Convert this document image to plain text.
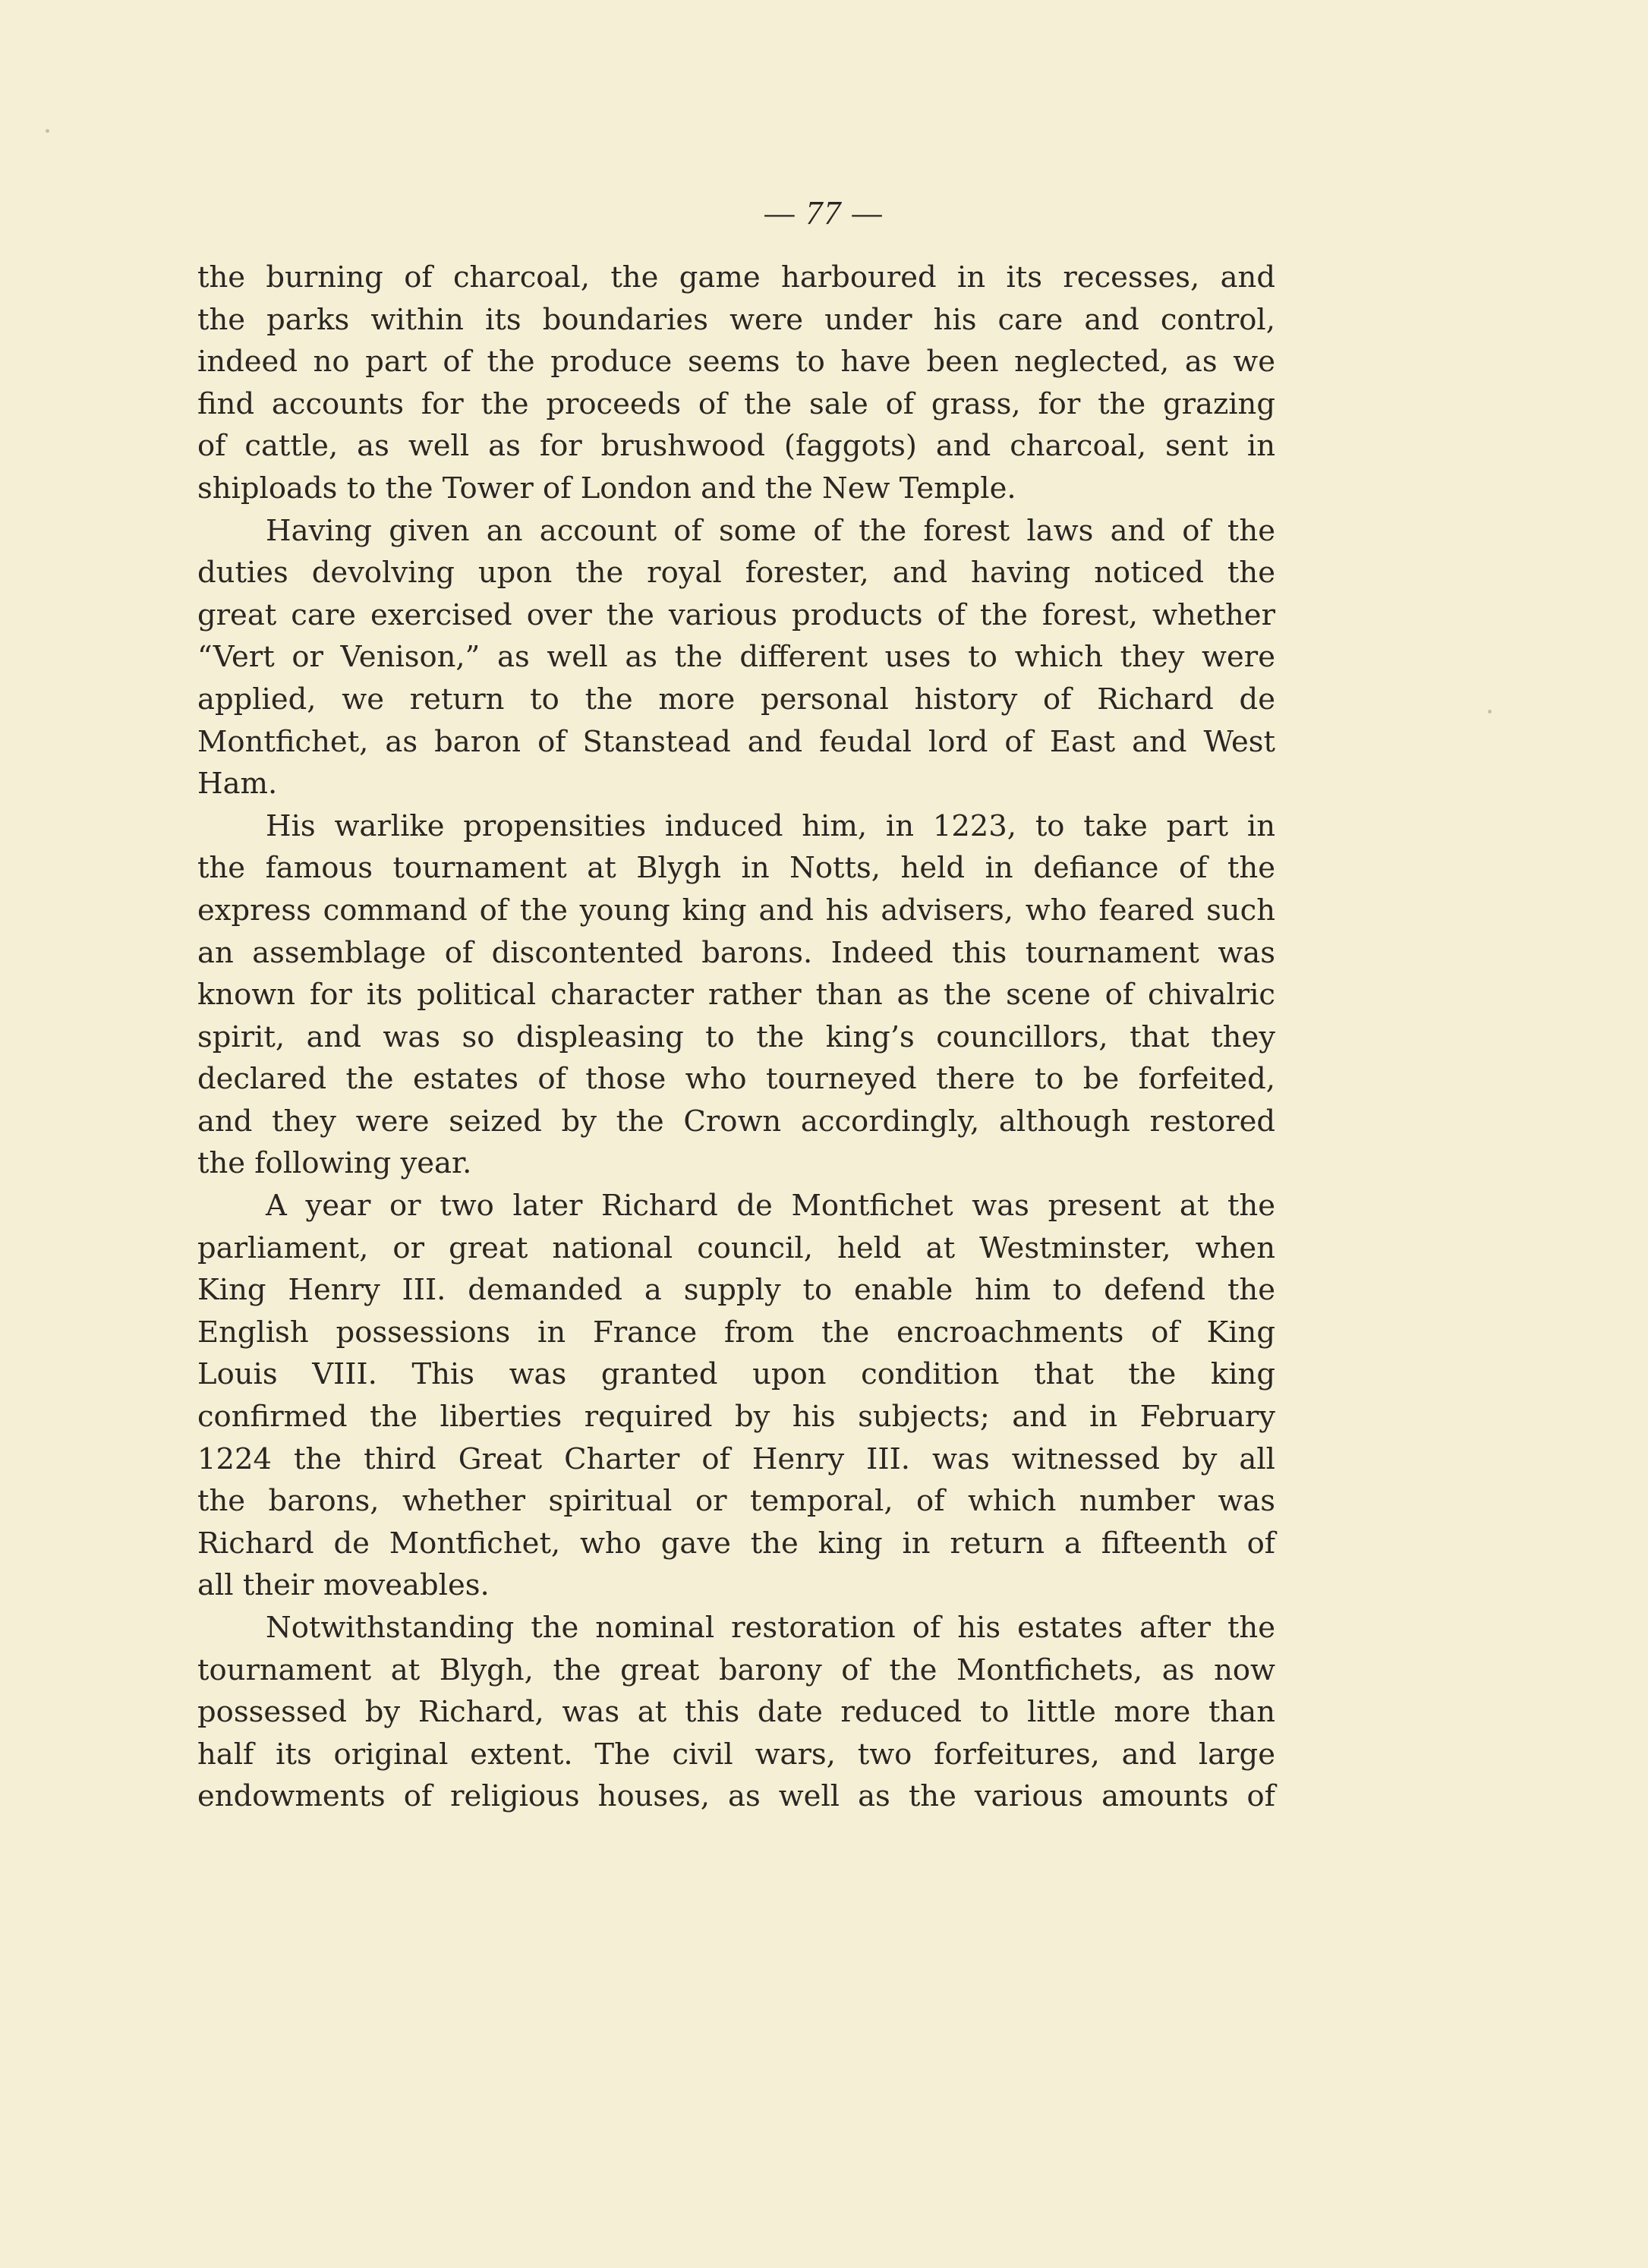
— 77 —
the burning of charcoal, the game harboured in its recesses, and
the parks within its boundaries were under his care and control,
indeed no part of the produce seems to have been neglected, as we
find accounts for the proceeds of the sale of grass, for the grazing
of cattle, as well as for brushwood (faggots) and charcoal, sent in
shiploads to the Tower of London and the New Temple.
Having given an account of some of the forest laws and of the
duties devolving upon the royal forester, and having noticed the
great care exercised over the various products of the forest, whether
“Vert or Venison,” as well as the different uses to which they were
applied, we return to the more personal history of Richard de
Montfichet, as baron of Stanstead and feudal lord of East and West
Ham.
His warlike propensities induced him, in 1223, to take part in
the famous tournament at Blygh in Notts, held in defiance of the
express command of the young king and his advisers, who feared such
an assemblage of discontented barons. Indeed this tournament was
known for its political character rather than as the scene of chivalric
spirit, and was so displeasing to the king’s councillors, that they
declared the estates of those who tourneyed there to be forfeited,
and they were seized by the Crown accordingly, although restored
the following year.
A year or two later Richard de Montfichet was present at the
parliament, or great national council, held at Westminster, when
King Henry III. demanded a supply to enable him to defend the
English possessions in France from the encroachments of King
Louis VIII. This was granted upon condition that the king
confirmed the liberties required by his subjects; and in February
1224 the third Great Charter of Henry III. was witnessed by all
the barons, whether spiritual or temporal, of which number was
Richard de Montfichet, who gave the king in return a fifteenth of
all their moveables.
Notwithstanding the nominal restoration of his estates after the
tournament at Blygh, the great barony of the Montfichets, as now
possessed by Richard, was at this date reduced to little more than
half its original extent. The civil wars, two forfeitures, and large
endowments of religious houses, as well as the various amounts of
